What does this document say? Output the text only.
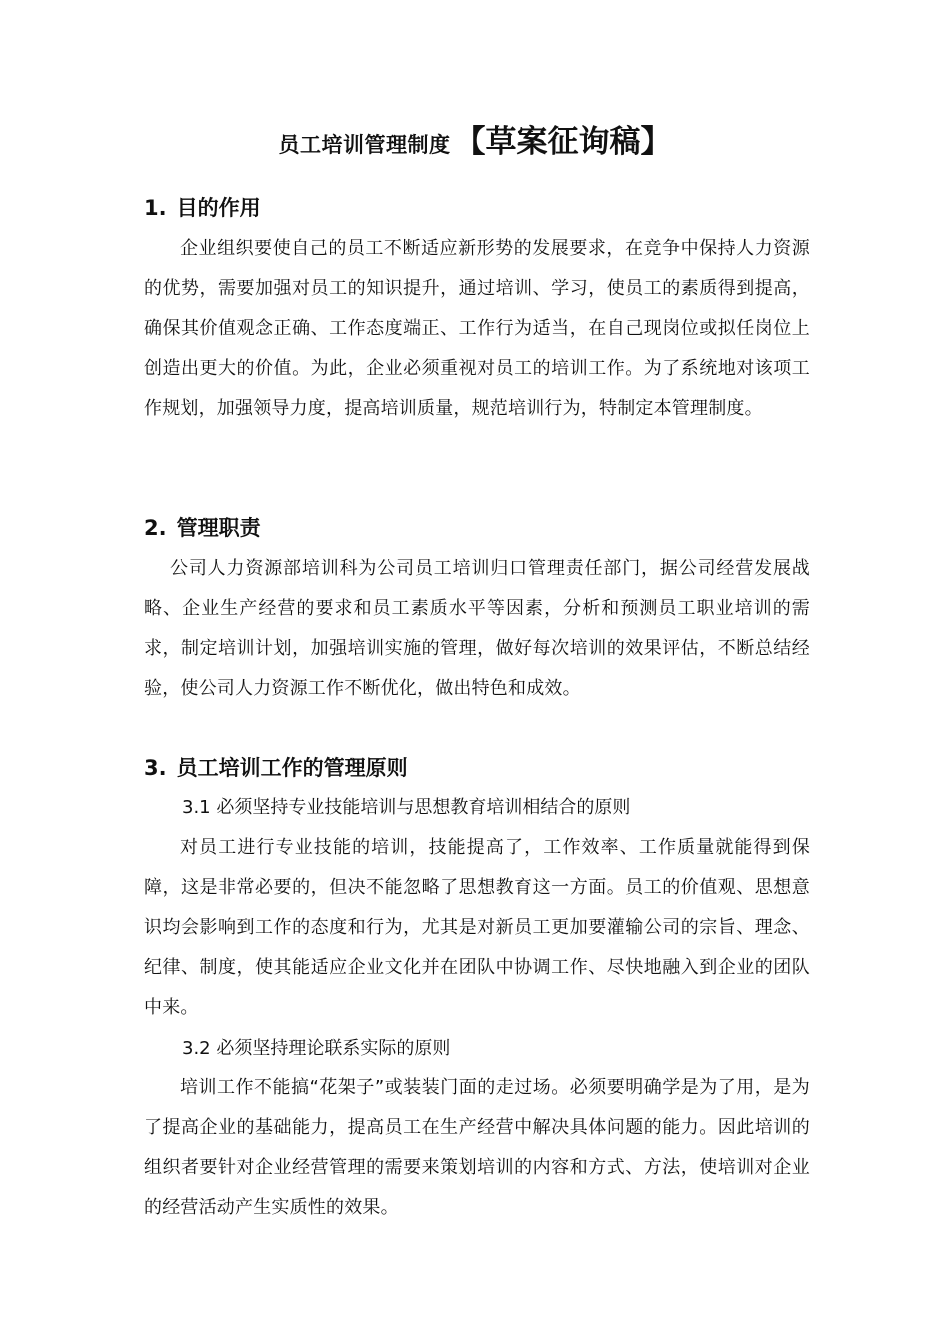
员工培训管理制度 【草案征询稿】
1. 目的作用
企业组织要使自己的员工不断适应新形势的发展要求，在竞争中保持人力资源的优势，需要加强对员工的知识提升，通过培训、学习，使员工的素质得到提高，确保其价值观念正确、工作态度端正、工作行为适当，在自己现岗位或拟任岗位上创造出更大的价值。为此，企业必须重视对员工的培训工作。为了系统地对该项工作规划，加强领导力度，提高培训质量，规范培训行为，特制定本管理制度。
2. 管理职责
公司人力资源部培训科为公司员工培训归口管理责任部门，据公司经营发展战略、企业生产经营的要求和员工素质水平等因素，分析和预测员工职业培训的需求，制定培训计划，加强培训实施的管理，做好每次培训的效果评估，不断总结经验，使公司人力资源工作不断优化，做出特色和成效。
3. 员工培训工作的管理原则
3.1 必须坚持专业技能培训与思想教育培训相结合的原则
对员工进行专业技能的培训，技能提高了，工作效率、工作质量就能得到保障，这是非常必要的，但决不能忽略了思想教育这一方面。员工的价值观、思想意识均会影响到工作的态度和行为，尤其是对新员工更加要灌输公司的宗旨、理念、纪律、制度，使其能适应企业文化并在团队中协调工作、尽快地融入到企业的团队中来。
3.2 必须坚持理论联系实际的原则
培训工作不能搞“花架子”或装装门面的走过场。必须要明确学是为了用，是为了提高企业的基础能力，提高员工在生产经营中解决具体问题的能力。因此培训的组织者要针对企业经营管理的需要来策划培训的内容和方式、方法，使培训对企业的经营活动产生实质性的效果。
